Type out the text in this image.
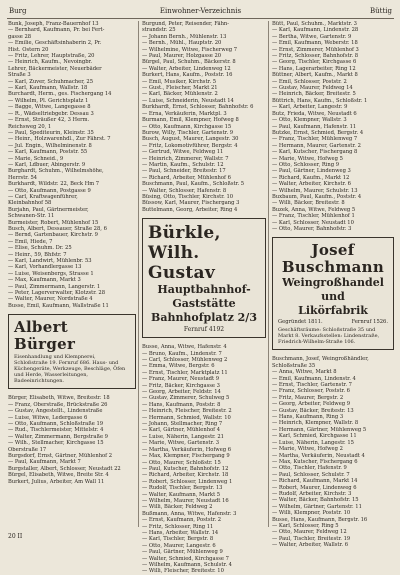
Burg	Einwohner-Verzeichnis	Büttig

Bunk, Joseph, Franz-Bauernhof 13

— Bernhard, Kaufmann, Pr. bei Fert-

gasse 28

— Emilie, Geschäftsinhaberin 2, Pr.

Hist. Ostern 20

— Fritz, Lehrer, Hauptstraße, 20

— Heinrich, Kaufm., Nevoingbr.

Lehrer, Bäckermeister, Neuerbäder

Straße 3

— Karl, Zuver, Schuhmacher, 25

— Karl, Kaufmann, Wallstr. 18

Burchardt, Herm., ges. Fischergang 14

— Wilhelm, Pl. Gerichtsplatz 1

— Bagge, Witwe, Langegasse 8

— R., Wädseltriebgebr. Dessau 3

— Ernst, Sträußer 42, 3 Herm.

Reichsweg 20, 1

— Paul, Spediteurin, Kleinstr. 35

— Heinr., Holzwarenhdl., Zur Fährst. 7

— Jul. Engin., Wilhelminenstr. 8

— Karl, Kaufmann, Poststr. 55

— Marie, Schneid., 9

— Karl, Ldbuer, Abingerstr. 9

Burghardt, Schuhm., Wilhelmshöhe,

Herrstr. 54

Burkhardt, Wildstr. 22, Beck Hm 7

— Otto, Kaufmann, Postgasse 9

— Carl, Kraftwagenführer,

Kleinbahnhof 58

Burjahn, Paul, Gärtnermeister,

Schwanen-Str. 11

Burmeister, Robert, Mühlenhof 15

Busch, Albert, Dessauer, Straße 28, 6

— Bernd, Gartenbauer, Kirchstr. 9

— Emil, Hiede, 7

— Elise, Schuhm. Dr. 25

— Heinr., 59, Bhfstr. 7

— Karl, Landwirt, Mühlenbr. 53

— Karl, Vorhandlergasse 13

— Luise, Weisenbergs, Strasse 1

— Max, Kaufmann, Markt 3

— Paul, Zimmermann, Langerstr. 1

— Peter, Lagerverwalter, Klotzstr. 28

— Walter, Maurer, Nordstraße 4

Busse, Emil, Kaufmann, Wallstraße 11

Albert Bürger

Eisenhandlung und Klempnerei, Schloßstraße 19. Fernruf 686. Haus- und Küchengeräte, Werkzeuge, Beschläge, Öfen und Herde, Wasserleitungen, Badeeinrichtungen.

Bürger, Elisabeth, Witwe, Breitestr. 18

— Franz, Oberstraße, Brückstraße 26

— Gustav, Angestellt., Lindenstraße

— Luise, Witwe, Ledergasse 6

— Otto, Kaufmann, Schloßstraße 19

— Rud., Tischlermeister, Mittelstr. 4

— Walter, Zimmermann, Bergstraße 9

— Wilh., Stellmacher, Kirchgasse 15

Oberstraße 17

Burgsdorf, Ernst, Gärtner, Mühlenhof 2

— Paul, Kaufmann, Markt 7

Burgstaller, Albert, Schlosser, Neustadt 22

Bürgel, Elisabeth, Witwe, Breite Str. 4

Burkert, Julius, Arbeiter, Am Wall 11

Burgund, Peter, Reisender, Fähn-

strandstr. 25

— Johann Bernh., Mühlenstr. 13

— Bernh., Mühl., Hauptstr. 20

— Wilhelmine, Witwe, Fischerweg 7

— Paul, Maurer, Holzgasse 20

Bürgel, Paul, Schuhm., Bäckerstr. 8

— Walter, Arbeiter, Lindenweg 12

Burkert, Hans, Kaufm., Poststr. 16

— Emil, Musiker, Kirchstr. 5

— Gust., Fleischer, Markt 21

— Karl, Bäcker, Mühlenstr. 2

— Luise, Schneiderin, Neustadt 14

Burkhardt, Ernst, Schlosser, Bahnhofstr. 6

— Erna, Verkäuferin, Marktpl. 3

Burmann, Emil, Klempner, Hofweg 8

— Otto, Kaufmann, Kirchgasse 15

Burow, Willy, Tischler, Gartenstr. 9

Busch, August, Maurer, Langestr. 30

— Fritz, Lokomotivführer, Bergstr. 4

— Gertrud, Witwe, Feldweg 11

— Heinrich, Zimmerer, Wallstr. 7

— Martin, Kaufm., Schulstr. 12

— Paul, Schneider, Breitestr. 17

— Richard, Arbeiter, Mühlenhof 6

Buschmann, Paul, Kaufm., Schloßstr. 5

— Walter, Schlosser, Hafenstr. 8

Büsing, Otto, Tischler, Kirchstr. 10

Büssow, Karl, Maurer, Fischergang 3

Buttelmann, Georg, Arbeiter, Ring 4

Bürkle, Wilh. Gustav

Hauptbahnhof-Gaststätte

Bahnhofplatz 2/3

Fernruf 4192

Busse, Anna, Witwe, Hafenstr. 4

— Bruno, Kaufm., Lindenstr. 7

— Carl, Schlosser, Mühlenweg 2

— Emma, Witwe, Bergstr. 6

— Ernst, Tischler, Marktplatz 11

— Franz, Maurer, Neustadt 9

— Fritz, Bäcker, Kirchgasse 3

— Georg, Arbeiter, Feldstr. 14

— Gustav, Zimmerer, Schulweg 5

— Hans, Kaufmann, Poststr. 8

— Heinrich, Fleischer, Breitestr. 2

— Hermann, Schmied, Wallstr. 10

— Johann, Stellmacher, Ring 7

— Karl, Gärtner, Mühlenhof 4

— Luise, Näherin, Langestr. 21

— Marie, Witwe, Gartenstr. 3

— Martha, Verkäuferin, Hofweg 6

— Max, Klempner, Fischergang 9

— Otto, Maurer, Schloßstr. 15

— Paul, Kutscher, Bahnhofstr. 12

— Richard, Arbeiter, Kirchstr. 18

— Robert, Schlosser, Lindenweg 1

— Rudolf, Tischler, Bergstr. 13

— Walter, Kaufmann, Markt 5

— Wilhelm, Maurer, Neustadt 16

— Willi, Bäcker, Feldweg 2

Bußmann, Anna, Witwe, Hafenstr. 3

— Ernst, Kaufmann, Poststr. 2

— Fritz, Schlosser, Ring 11

— Hans, Arbeiter, Wallstr. 14

— Karl, Tischler, Bergstr. 8

— Otto, Maurer, Langestr. 6

— Paul, Gärtner, Mühlenweg 9

— Walter, Schmied, Kirchgasse 7

— Wilhelm, Kaufmann, Schulstr. 4

— Willi, Fleischer, Breitestr. 10

Bütt, Paul, Schuhm., Marktstr. 3

— Karl, Kaufmann, Lindenstr. 28

— Bertha, Witwe, Gartenstr. 9

— Emil, Kaufmann, Weberstr. 18

— Ernst, Zimmerer, Mühlenhof 3

— Fritz, Schlosser, Bahnhofstr. 8

— Georg, Tischler, Kirchgasse 6

— Hans, Lagerarbeiter, Ring 12

Büttner, Albert, Kaufm., Markt 8

— Emil, Schlosser, Poststr. 2

— Gustav, Maurer, Feldweg 14

— Heinrich, Bäcker, Breitestr. 5

Büttrich, Hans, Kaufm., Schloßstr. 1

— Karl, Arbeiter, Langestr. 9

Butz, Frieda, Witwe, Neustadt 6

— Otto, Klempner, Wallstr. 3

— Paul, Kaufmann, Hafenstr. 11

Butzke, Ernst, Schmied, Bergstr. 4

— Franz, Tischler, Mühlenweg 7

— Hermann, Maurer, Gartenstr. 2

— Karl, Kutscher, Fischergang 8

— Marie, Witwe, Hofweg 5

— Otto, Schlosser, Ring 9

— Paul, Gärtner, Lindenweg 3

— Richard, Kaufm., Markt 12

— Walter, Arbeiter, Kirchstr. 6

— Wilhelm, Maurer, Schulstr. 13

Buxbaum, Paul, Kaufm., Poststr. 4

— Willi, Bäcker, Breitestr. 8

Buzek, Anna, Witwe, Feldweg 5

— Franz, Tischler, Mühlenhof 1

— Karl, Schlosser, Neustadt 10

— Otto, Maurer, Bahnhofstr. 3

Josef Buschmann

Weingroßhandel und

Likörfabrik

Gegründet 1811.	Fernruf 1526.

Geschäftsräume: Schloßstraße 35 und Markt 8. Verkaufsstellen: Lindenstraße, Friedrich-Wilhelm-Straße 106.

Buschmann, Josef, Weingroßhändler,

Schloßstraße 35

— Anna, Witwe, Markt 8

— Emil, Kaufmann, Lindenstr. 4

— Ernst, Tischler, Gartenstr. 7

— Franz, Schlosser, Poststr. 6

— Fritz, Maurer, Bergstr. 2

— Georg, Arbeiter, Feldweg 9

— Gustav, Bäcker, Breitestr. 13

— Hans, Kaufmann, Ring 3

— Heinrich, Klempner, Wallstr. 8

— Hermann, Gärtner, Mühlenweg 5

— Karl, Schmied, Kirchgasse 11

— Luise, Näherin, Langestr. 15

— Marie, Witwe, Hofweg 2

— Martha, Verkäuferin, Neustadt 4

— Max, Kutscher, Fischergang 6

— Otto, Tischler, Hafenstr. 9

— Paul, Schlosser, Schulstr. 7

— Richard, Kaufmann, Markt 14

— Robert, Maurer, Lindenweg 6

— Rudolf, Arbeiter, Kirchstr. 3

— Walter, Bäcker, Bahnhofstr. 15

— Wilhelm, Gärtner, Gartenstr. 11

— Willi, Klempner, Poststr. 10

Busse, Hans, Kaufmann, Bergstr. 16

— Karl, Schlosser, Ring 5

— Otto, Maurer, Feldweg 12

— Paul, Tischler, Breitestr. 19

— Walter, Arbeiter, Wallstr. 6

20 II
